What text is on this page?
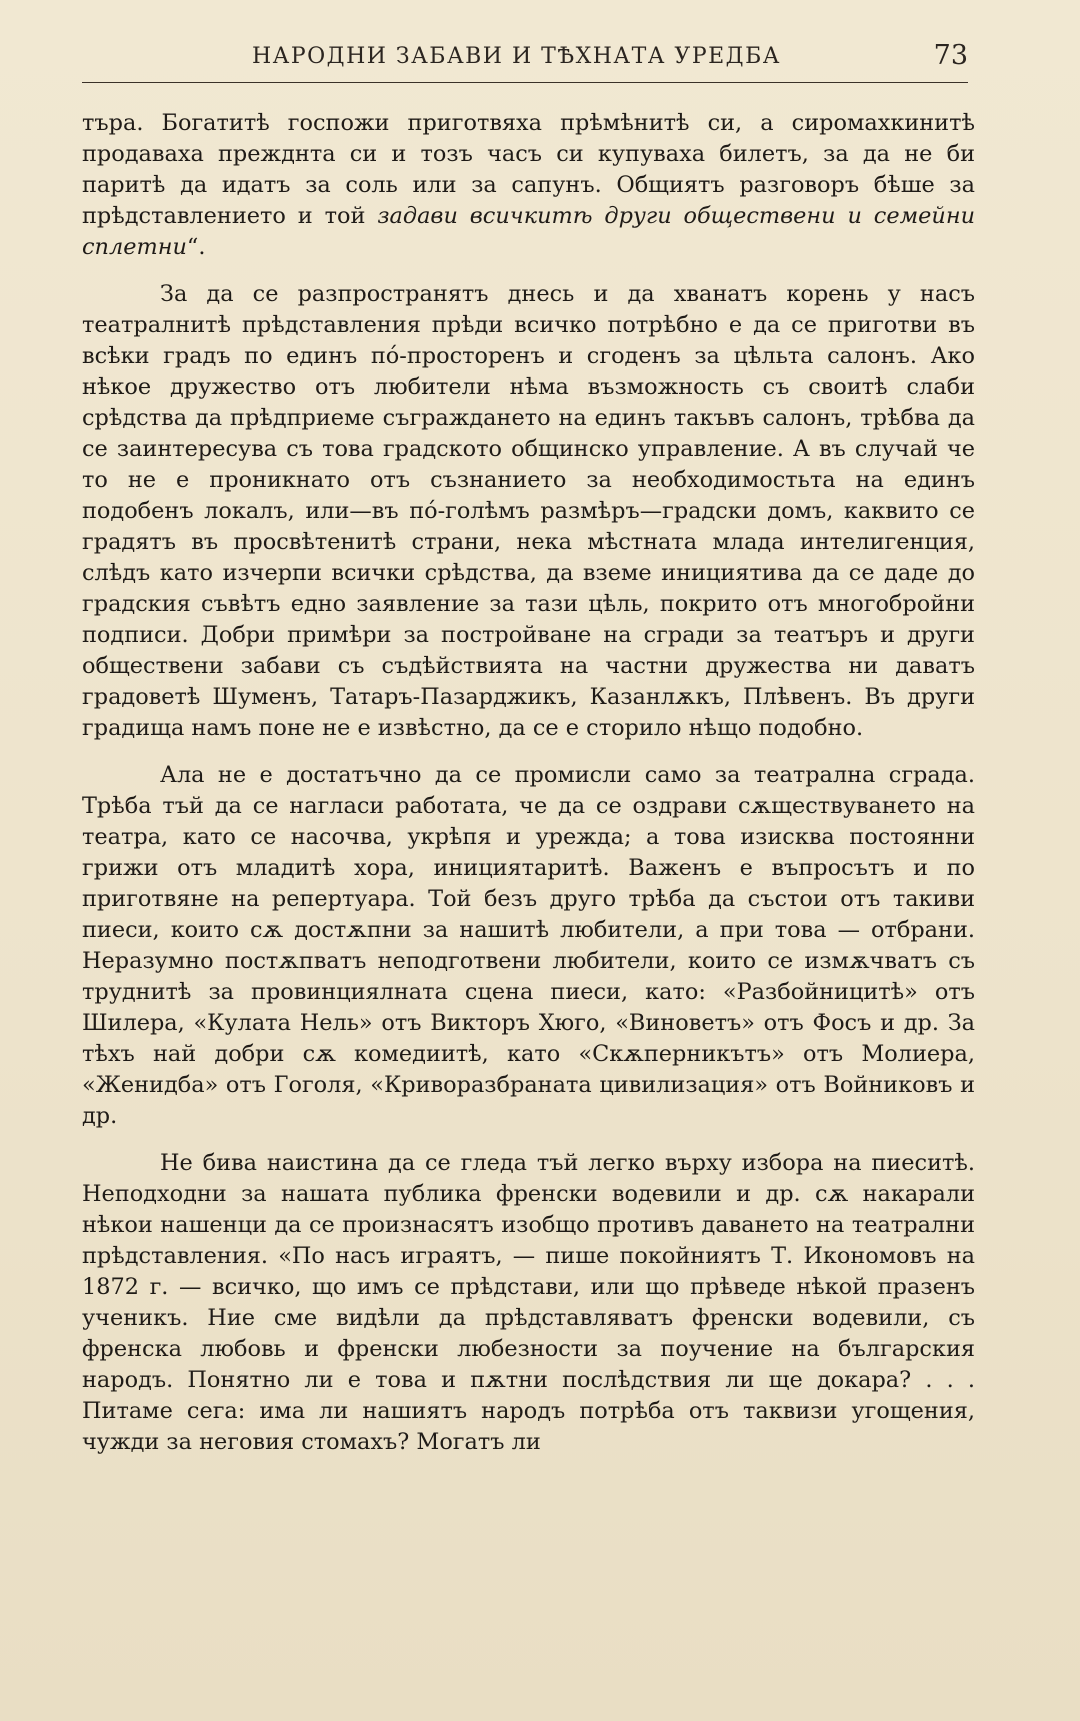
НАРОДНИ ЗАБАВИ И ТѢХНАТА УРЕДБА	73

търа. Богатитѣ госпожи приготвяха прѣмѣнитѣ си, а сиромахкинитѣ продаваха прежднта си и тозъ часъ си купуваха билетъ, за да не би паритѣ да идатъ за соль или за сапунъ. Общиятъ разговоръ бѣше за прѣдставлението и той задави всичкитѣ други обществени и семейни сплетни“.

За да се разпространятъ днесь и да хванатъ корень у насъ театралнитѣ прѣдставления прѣди всичко потрѣбно е да се приготви въ всѣки градъ по единъ по́-просторенъ и сгоденъ за цѣльта салонъ. Ако нѣкое дружество отъ любители нѣма възможность съ своитѣ слаби срѣдства да прѣдприеме съграждането на единъ такъвъ салонъ, трѣбва да се заинтересува съ това градското общинско управление. А въ случай че то не е проникнато отъ съзнанието за необходимостьта на единъ подобенъ локалъ, или—въ по́-голѣмъ размѣръ—градски домъ, каквито се градятъ въ просвѣтенитѣ страни, нека мѣстната млада интелигенция, слѣдъ като изчерпи всички срѣдства, да вземе инициятива да се даде до градския съвѣтъ едно заявление за тази цѣль, покрито отъ многобройни подписи. Добри примѣри за постройване на сгради за театъръ и други обществени забави съ съдѣйствията на частни дружества ни даватъ градоветѣ Шуменъ, Татаръ-Пазарджикъ, Казанлѫкъ, Плѣвенъ. Въ други градища намъ поне не е извѣстно, да се е сторило нѣщо подобно.

Ала не е достатъчно да се промисли само за театрална сграда. Трѣба тъй да се нагласи работата, че да се оздрави сѫществуването на театра, като се насочва, укрѣпя и урежда; а това изисква постоянни грижи отъ младитѣ хора, инициятаритѣ. Важенъ е въпросътъ и по приготвяне на репертуара. Той безъ друго трѣба да състои отъ такиви пиеси, които сѫ достѫпни за нашитѣ любители, а при това — отбрани. Неразумно постѫпватъ неподготвени любители, които се измѫчватъ съ труднитѣ за провинциялната сцена пиеси, като: «Разбойницитѣ» отъ Шилера, «Кулата Нель» отъ Викторъ Хюго, «Виноветъ» отъ Фосъ и др. За тѣхъ най добри сѫ комедиитѣ, като «Скѫперникътъ» отъ Молиера, «Женидба» отъ Гоголя, «Криворазбраната цивилизация» отъ Войниковъ и др.

Не бива наистина да се гледа тъй легко върху избора на пиеситѣ. Неподходни за нашата публика френски водевили и др. сѫ накарали нѣкои нашенци да се произнасятъ изобщо противъ даването на театрални прѣдставления. «По насъ играятъ, — пише покойниятъ Т. Икономовъ на 1872 г. — всичко, що имъ се прѣдстави, или що прѣведе нѣкой празенъ ученикъ. Ние сме видѣли да прѣдставляватъ френски водевили, съ френска любовь и френски любезности за поучение на българския народъ. Понятно ли е това и пѫтни послѣдствия ли ще докара? . . . Питаме сега: има ли нашиятъ народъ потрѣба отъ таквизи угощения, чужди за неговия стомахъ? Могатъ ли
